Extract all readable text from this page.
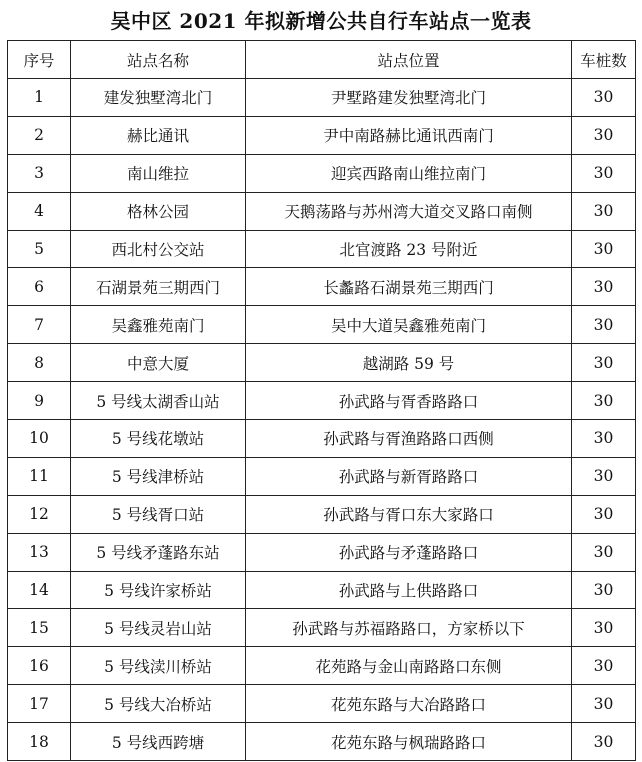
吴中区 2021 年拟新增公共自行车站点一览表
序号	站点名称	站点位置	车桩数
1	建发独墅湾北门	尹墅路建发独墅湾北门	30
2	赫比通讯	尹中南路赫比通讯西南门	30
3	南山维拉	迎宾西路南山维拉南门	30
4	格林公园	天鹅荡路与苏州湾大道交叉路口南侧	30
5	西北村公交站	北官渡路 23 号附近	30
6	石湖景苑三期西门	长蠡路石湖景苑三期西门	30
7	吴鑫雅苑南门	吴中大道吴鑫雅苑南门	30
8	中意大厦	越湖路 59 号	30
9	5 号线太湖香山站	孙武路与胥香路路口	30
10	5 号线花墩站	孙武路与胥渔路路口西侧	30
11	5 号线津桥站	孙武路与新胥路路口	30
12	5 号线胥口站	孙武路与胥口东大家路口	30
13	5 号线矛蓬路东站	孙武路与矛蓬路路口	30
14	5 号线许家桥站	孙武路与上供路路口	30
15	5 号线灵岩山站	孙武路与苏福路路口，方家桥以下	30
16	5 号线渎川桥站	花苑路与金山南路路口东侧	30
17	5 号线大冶桥站	花苑东路与大冶路路口	30
18	5 号线西跨塘	花苑东路与枫瑞路路口	30
